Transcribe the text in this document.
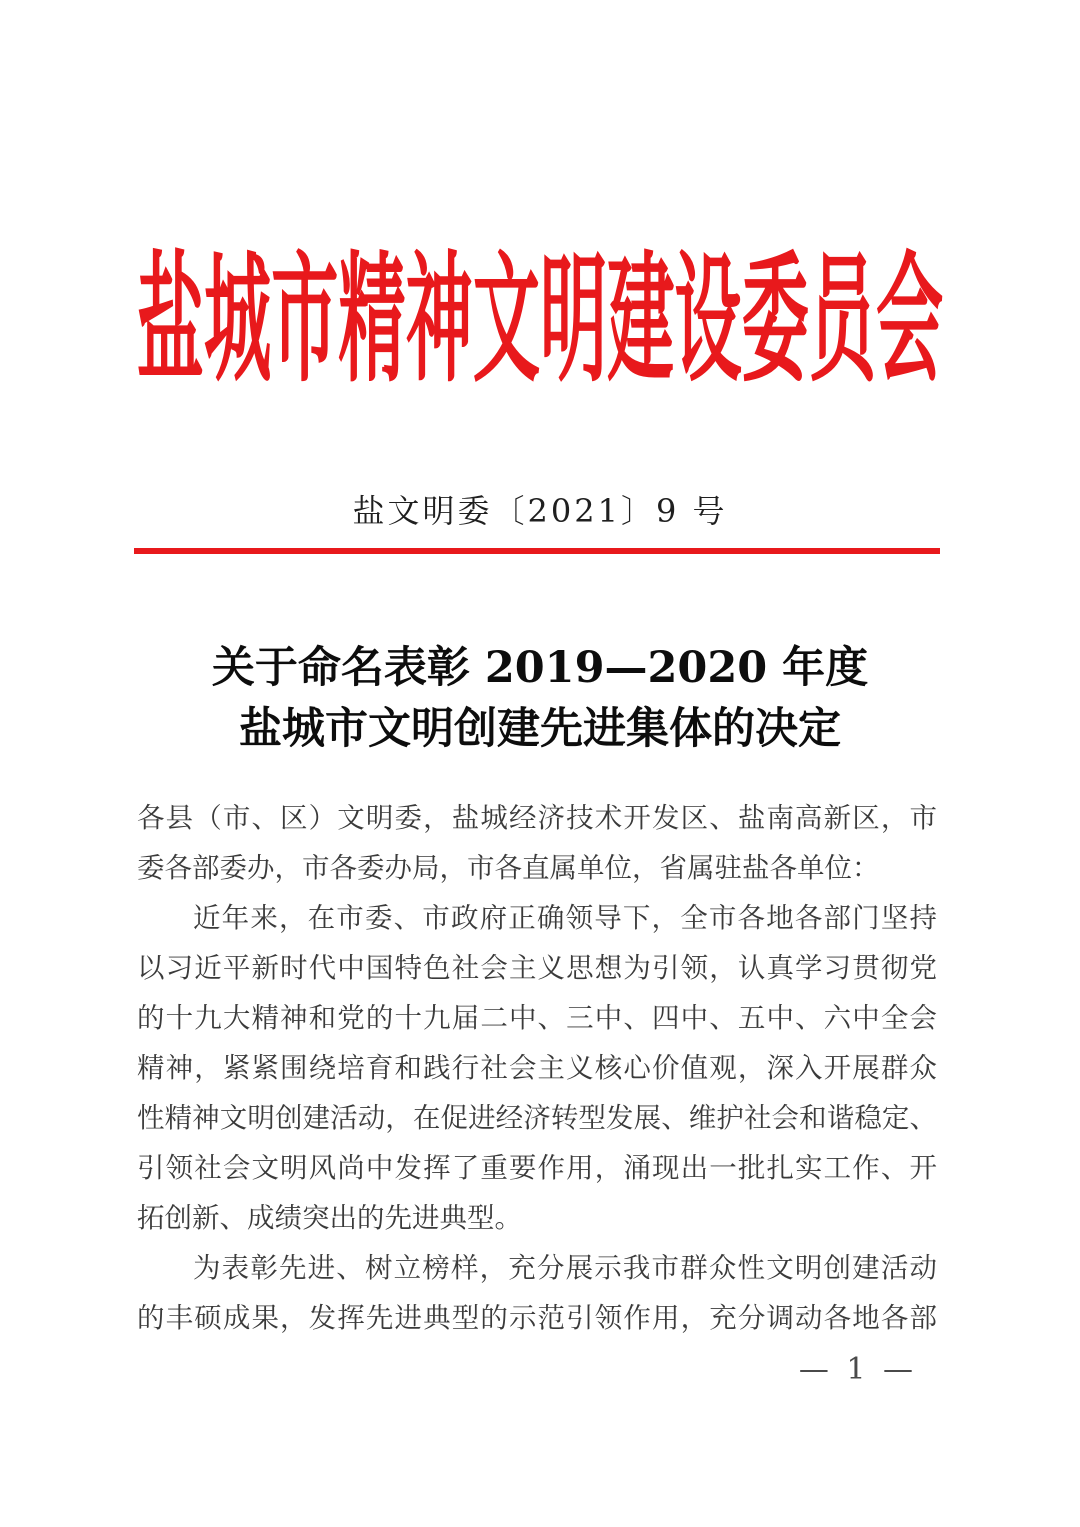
盐城市精神文明建设委员会
盐文明委〔2021〕9 号
关于命名表彰 2019—2020 年度
盐城市文明创建先进集体的决定
各县（市、区）文明委，盐城经济技术开发区、盐南高新区，市
委各部委办，市各委办局，市各直属单位，省属驻盐各单位：
近年来，在市委、市政府正确领导下，全市各地各部门坚持
以习近平新时代中国特色社会主义思想为引领，认真学习贯彻党
的十九大精神和党的十九届二中、三中、四中、五中、六中全会
精神，紧紧围绕培育和践行社会主义核心价值观，深入开展群众
性精神文明创建活动，在促进经济转型发展、维护社会和谐稳定、
引领社会文明风尚中发挥了重要作用，涌现出一批扎实工作、开
拓创新、成绩突出的先进典型。
为表彰先进、树立榜样，充分展示我市群众性文明创建活动
的丰硕成果，发挥先进典型的示范引领作用，充分调动各地各部
— 1 —
